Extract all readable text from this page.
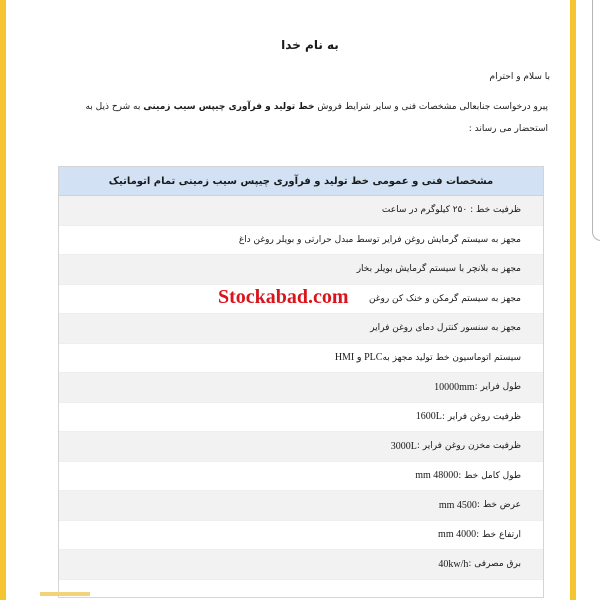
به نام خدا
با سلام و احترام
پیرو درخواست جنابعالی مشخصات فنی و سایر شرایط فروش خط تولید و فرآوری چیپس سیب زمینی به شرح ذیل به استحضار می رساند :
مشخصات فنی و عمومی خط تولید و فرآوری چیپس سیب زمینی تمام اتوماتیک
ظرفیت خط : ۲۵۰ کیلوگرم در ساعت
مجهز به سیستم گرمایش روغن فرایر توسط مبدل حرارتی و بویلر روغن داغ
مجهز به بلانچر با سیستم گرمایش بویلر بخار
مجهز به سیستم گرمکن و خنک کن روغن
مجهز به سنسور کنترل دمای روغن فرایر
سیستم اتوماسیون خط تولید مجهز به
PLC و HMI
طول فرایر :
10000mm
ظرفیت روغن فرایر :
1600L
ظرفیت مخزن روغن فرایر :
3000L
طول کامل خط :
48000 mm
عرض خط :
4500 mm
ارتفاع خط :
4000 mm
برق مصرفی :
40kw/h
Stockabad.com
